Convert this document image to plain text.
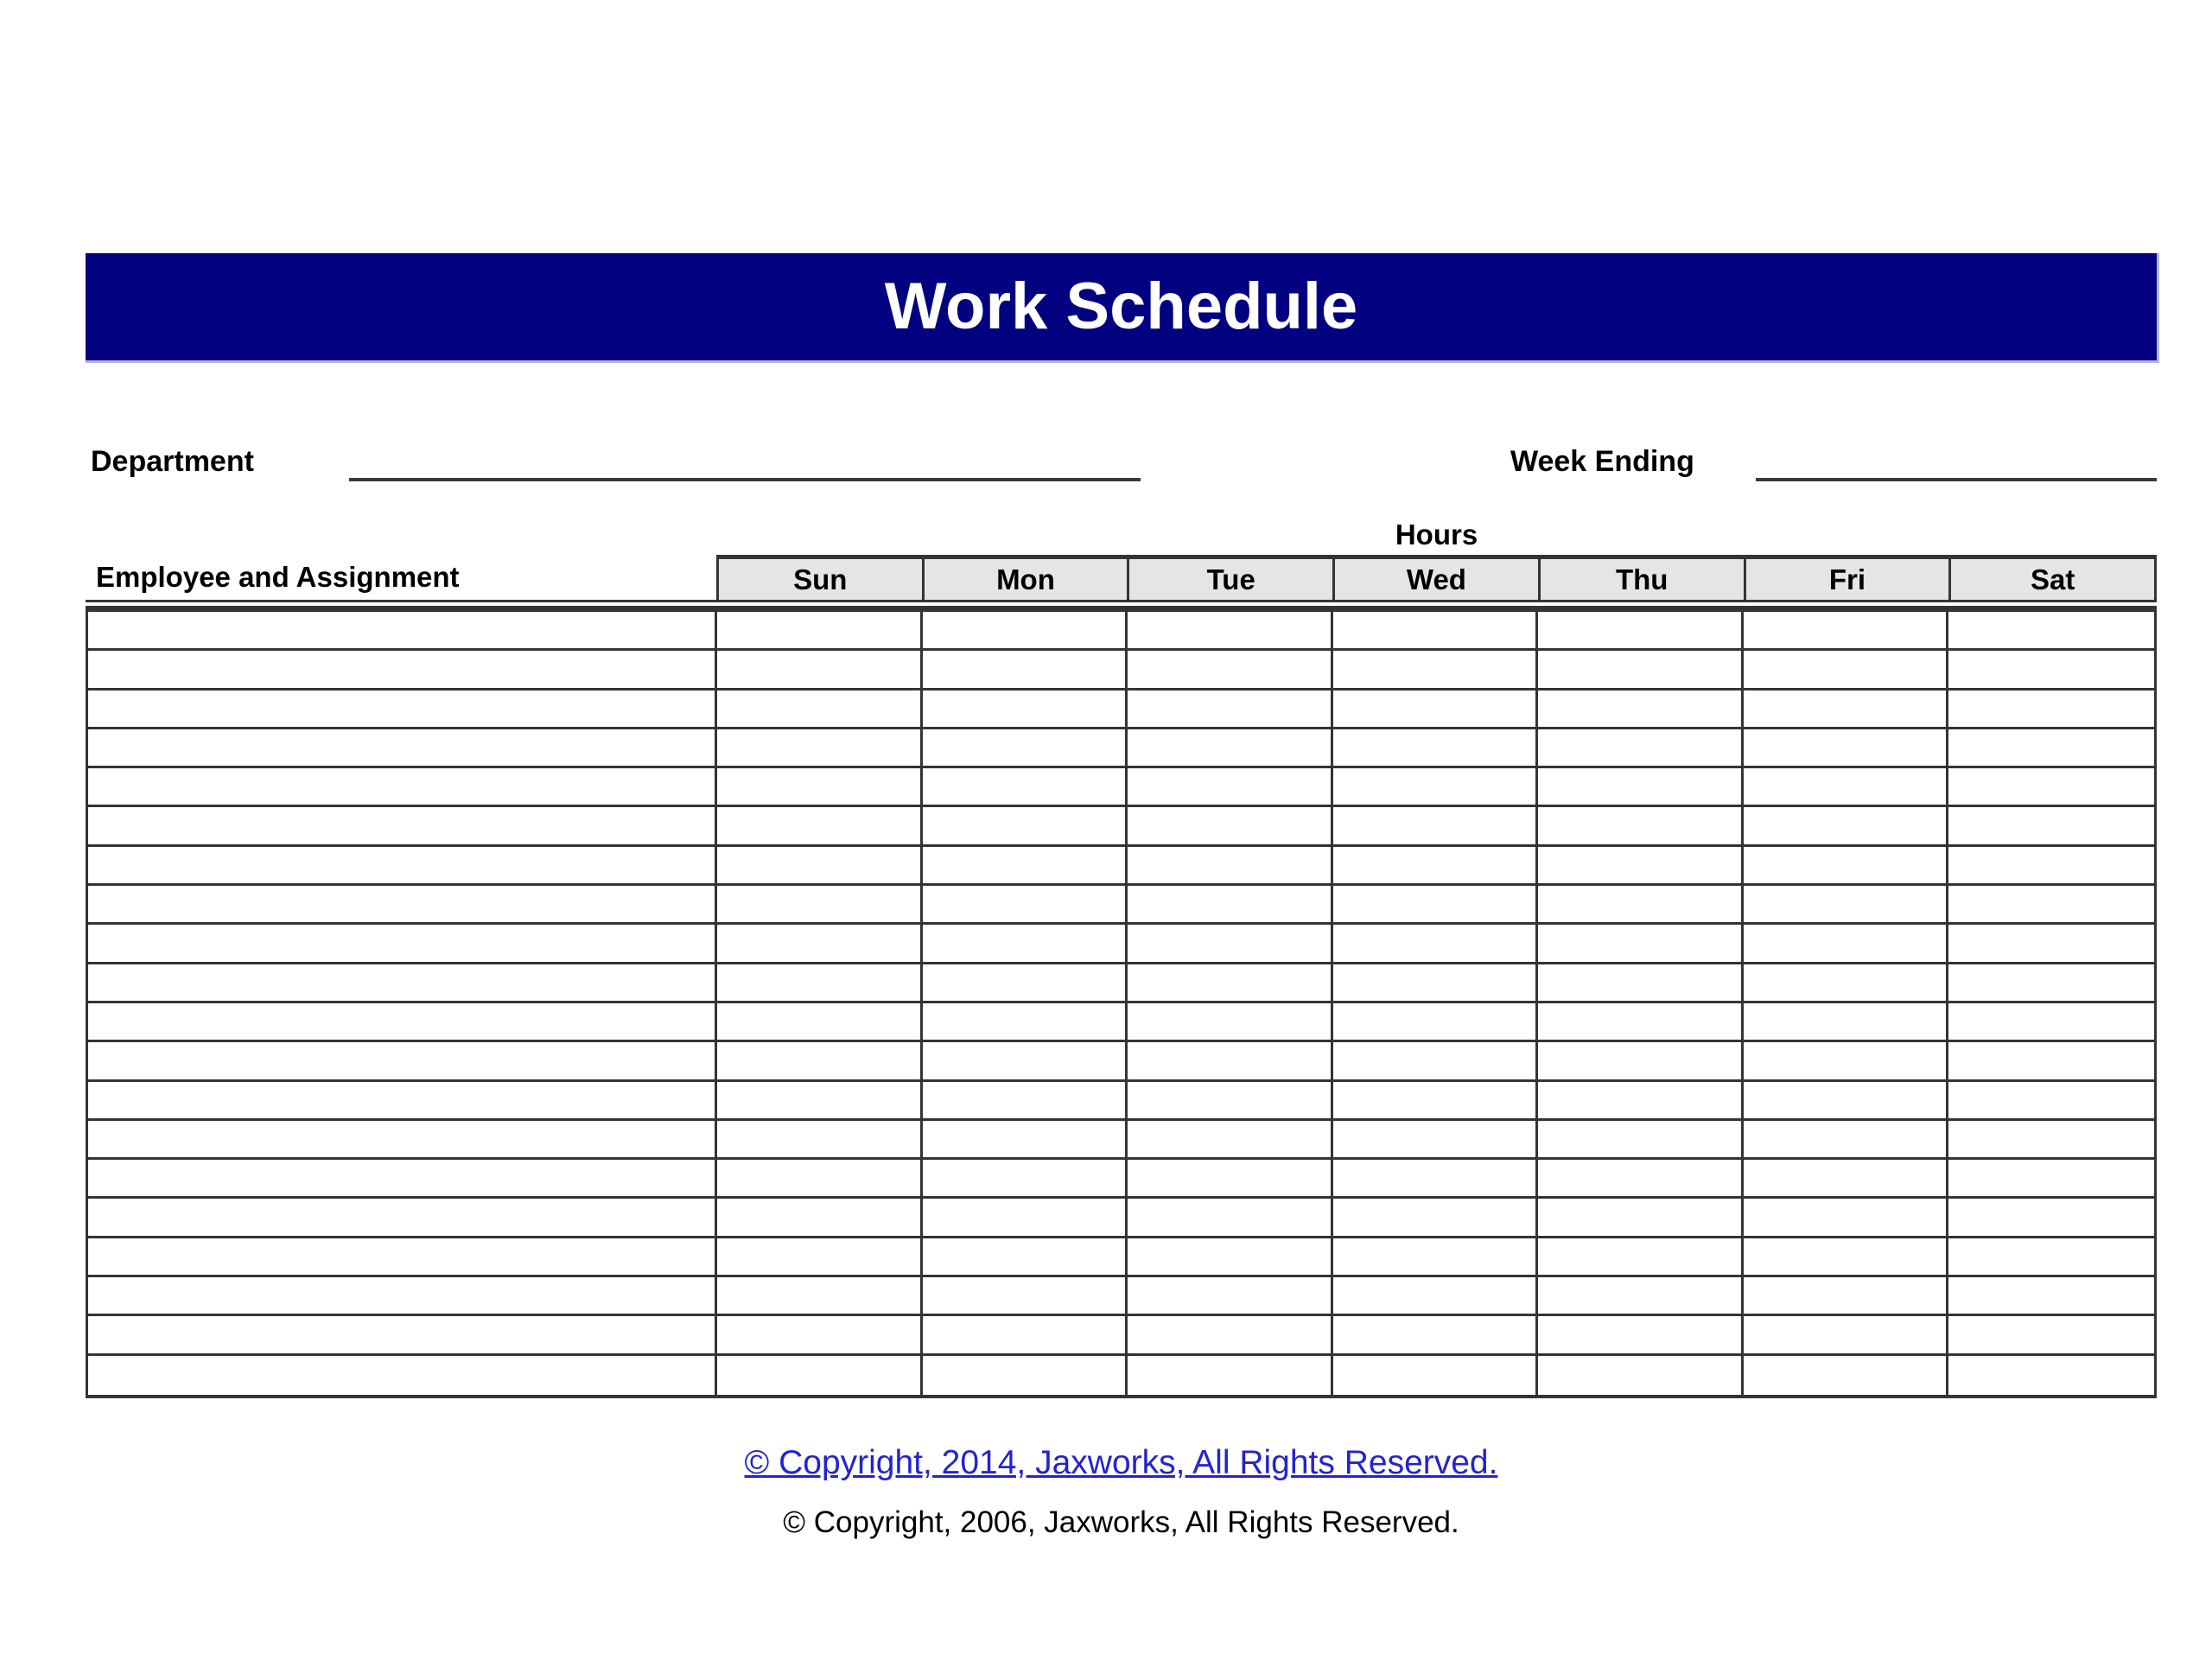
Work Schedule
Department	Week Ending
Hours
Employee and Assignment	Sun	Mon	Tue	Wed	Thu	Fri	Sat
© Copyright, 2014, Jaxworks, All Rights Reserved.
© Copyright, 2006, Jaxworks, All Rights Reserved.
